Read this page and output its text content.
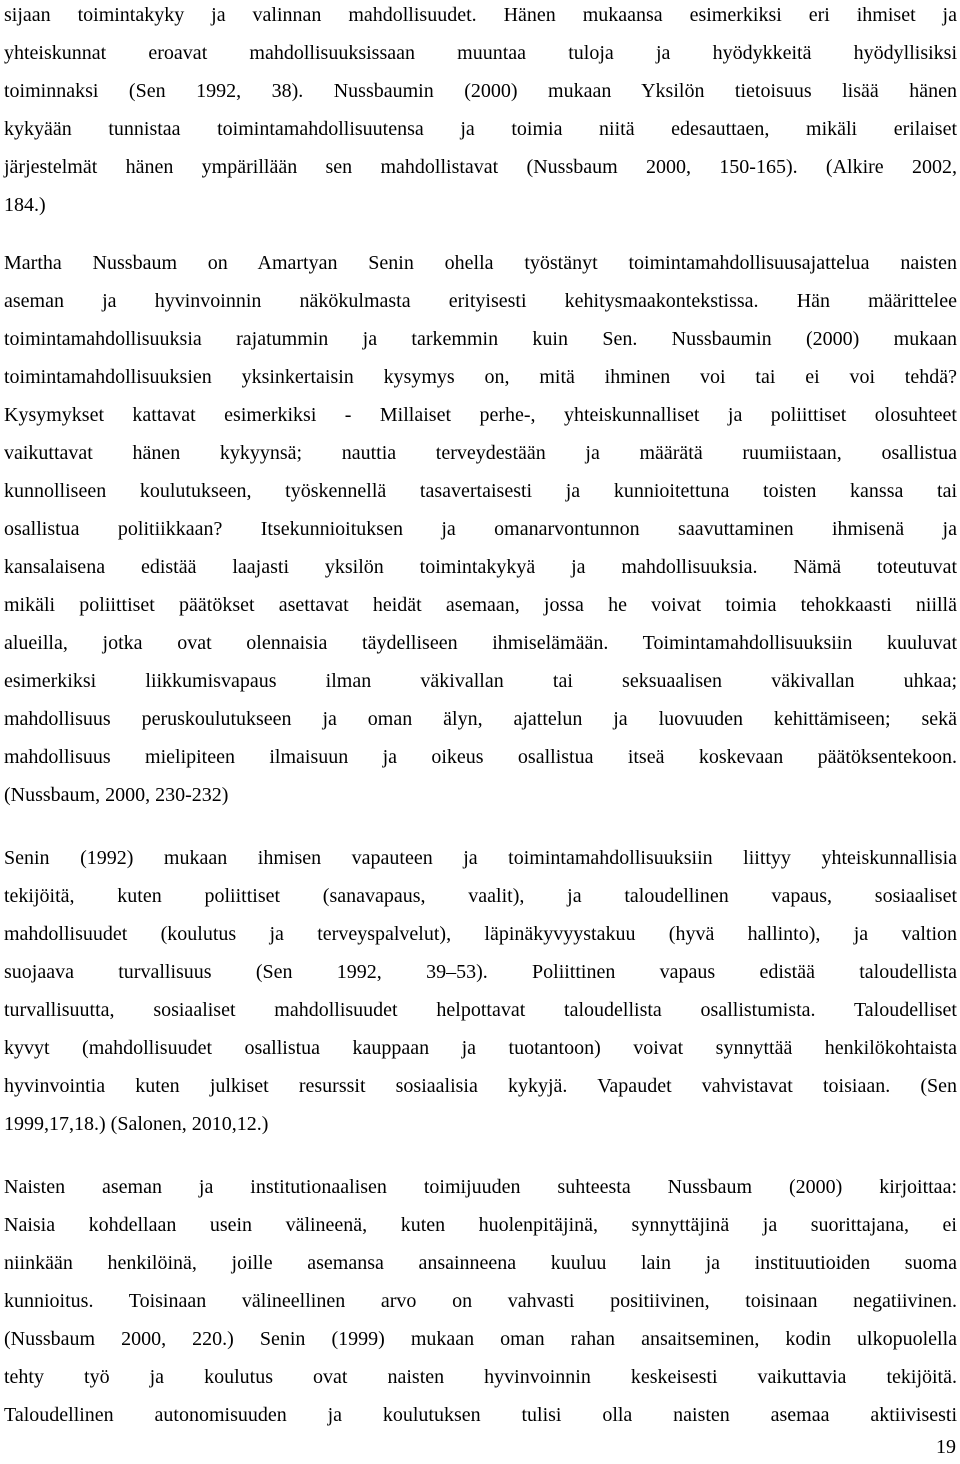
sijaan toimintakyky ja valinnan mahdollisuudet. Hänen mukaansa esimerkiksi eri ihmiset ja
yhteiskunnat eroavat mahdollisuuksissaan muuntaa tuloja ja hyödykkeitä hyödyllisiksi
toiminnaksi (Sen 1992, 38). Nussbaumin (2000) mukaan Yksilön tietoisuus lisää hänen
kykyään tunnistaa toimintamahdollisuutensa ja toimia niitä edesauttaen, mikäli erilaiset
järjestelmät hänen ympärillään sen mahdollistavat (Nussbaum 2000, 150-165). (Alkire 2002,
184.)
Martha Nussbaum on Amartyan Senin ohella työstänyt toimintamahdollisuusajattelua naisten
aseman ja hyvinvoinnin näkökulmasta erityisesti kehitysmaakontekstissa. Hän määrittelee
toimintamahdollisuuksia rajatummin ja tarkemmin kuin Sen. Nussbaumin (2000) mukaan
toimintamahdollisuuksien yksinkertaisin kysymys on, mitä ihminen voi tai ei voi tehdä?
Kysymykset kattavat esimerkiksi - Millaiset perhe-, yhteiskunnalliset ja poliittiset olosuhteet
vaikuttavat hänen kykyynsä; nauttia terveydestään ja määrätä ruumiistaan, osallistua
kunnolliseen koulutukseen, työskennellä tasavertaisesti ja kunnioitettuna toisten kanssa tai
osallistua politiikkaan? Itsekunnioituksen ja omanarvontunnon saavuttaminen ihmisenä ja
kansalaisena edistää laajasti yksilön toimintakykyä ja mahdollisuuksia. Nämä toteutuvat
mikäli poliittiset päätökset asettavat heidät asemaan, jossa he voivat toimia tehokkaasti niillä
alueilla, jotka ovat olennaisia täydelliseen ihmiselämään. Toimintamahdollisuuksiin kuuluvat
esimerkiksi liikkumisvapaus ilman väkivallan tai seksuaalisen väkivallan uhkaa;
mahdollisuus peruskoulutukseen ja oman älyn, ajattelun ja luovuuden kehittämiseen; sekä
mahdollisuus mielipiteen ilmaisuun ja oikeus osallistua itseä koskevaan päätöksentekoon.
(Nussbaum, 2000, 230-232)
Senin (1992) mukaan ihmisen vapauteen ja toimintamahdollisuuksiin liittyy yhteiskunnallisia
tekijöitä, kuten poliittiset (sanavapaus, vaalit), ja taloudellinen vapaus, sosiaaliset
mahdollisuudet (koulutus ja terveyspalvelut), läpinäkyvyystakuu (hyvä hallinto), ja valtion
suojaava turvallisuus (Sen 1992, 39–53). Poliittinen vapaus edistää taloudellista
turvallisuutta, sosiaaliset mahdollisuudet helpottavat taloudellista osallistumista. Taloudelliset
kyvyt (mahdollisuudet osallistua kauppaan ja tuotantoon) voivat synnyttää henkilökohtaista
hyvinvointia kuten julkiset resurssit sosiaalisia kykyjä. Vapaudet vahvistavat toisiaan. (Sen
1999,17,18.) (Salonen, 2010,12.)
Naisten aseman ja institutionaalisen toimijuuden suhteesta Nussbaum (2000) kirjoittaa:
Naisia kohdellaan usein välineenä, kuten huolenpitäjinä, synnyttäjinä ja suorittajana, ei
niinkään henkilöinä, joille asemansa ansainneena kuuluu lain ja instituutioiden suoma
kunnioitus. Toisinaan välineellinen arvo on vahvasti positiivinen, toisinaan negatiivinen.
(Nussbaum 2000, 220.) Senin (1999) mukaan oman rahan ansaitseminen, kodin ulkopuolella
tehty työ ja koulutus ovat naisten hyvinvoinnin keskeisesti vaikuttavia tekijöitä.
Taloudellinen autonomisuuden ja koulutuksen tulisi olla naisten asemaa aktiivisesti
19
